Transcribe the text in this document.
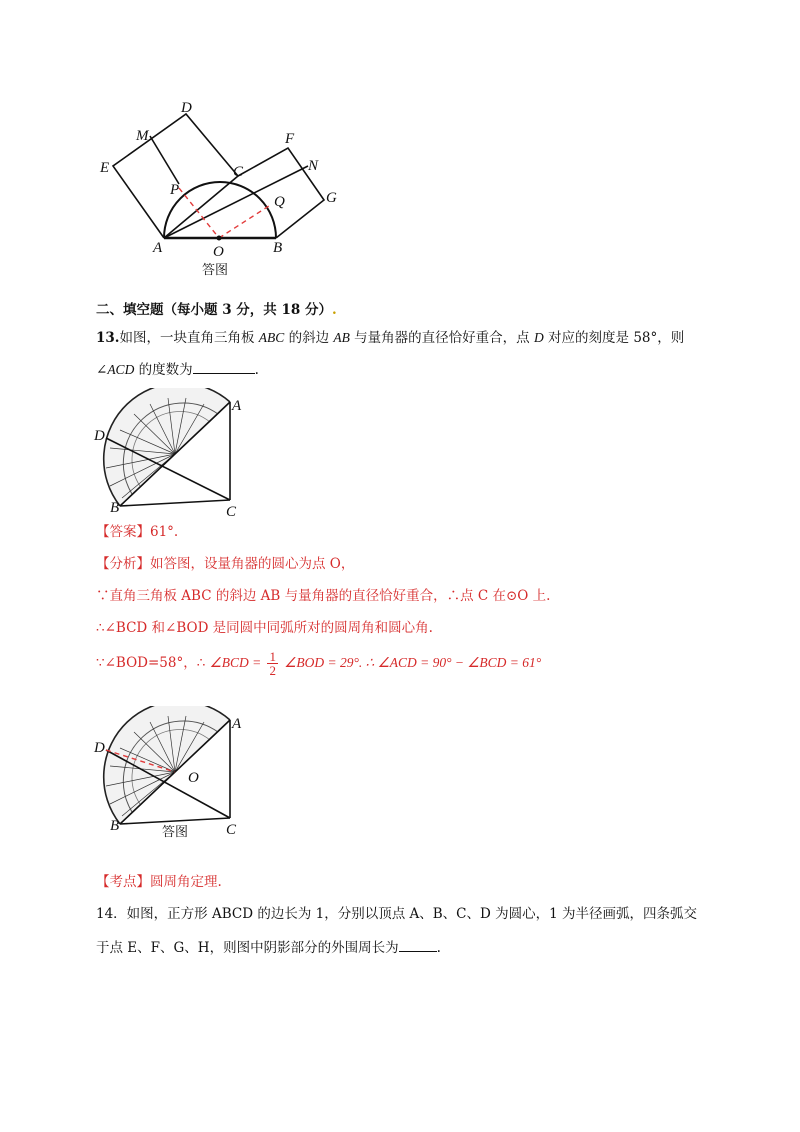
D
M
E
F
N
C
P
Q	G
A	O	B
答图
二、填空题（每小题 3 分，共 18 分）.
13.如图，一块直角三角板 ABC 的斜边 AB 与量角器的直径恰好重合，点 D 对应的刻度是 58°，则
∠ACD 的度数为	.
A
D
B	C
【答案】61°.
【分析】如答图，设量角器的圆心为点 O，
∵直角三角板 ABC 的斜边 AB 与量角器的直径恰好重合，∴点 C 在⊙O 上.
∴∠BCD 和∠BOD 是同圆中同弧所对的圆周角和圆心角.
∵∠BOD=58°，∴ ∠BCD = $\frac{1}{2}$ ∠BOD = 29°. ∴ ∠ACD = 90° − ∠BCD = 61°
A
D
O
B	C
答图
【考点】圆周角定理.
14．如图，正方形 ABCD 的边长为 1，分别以顶点 A、B、C、D 为圆心，1 为半径画弧，四条弧交
于点 E、F、G、H，则图中阴影部分的外围周长为	.
